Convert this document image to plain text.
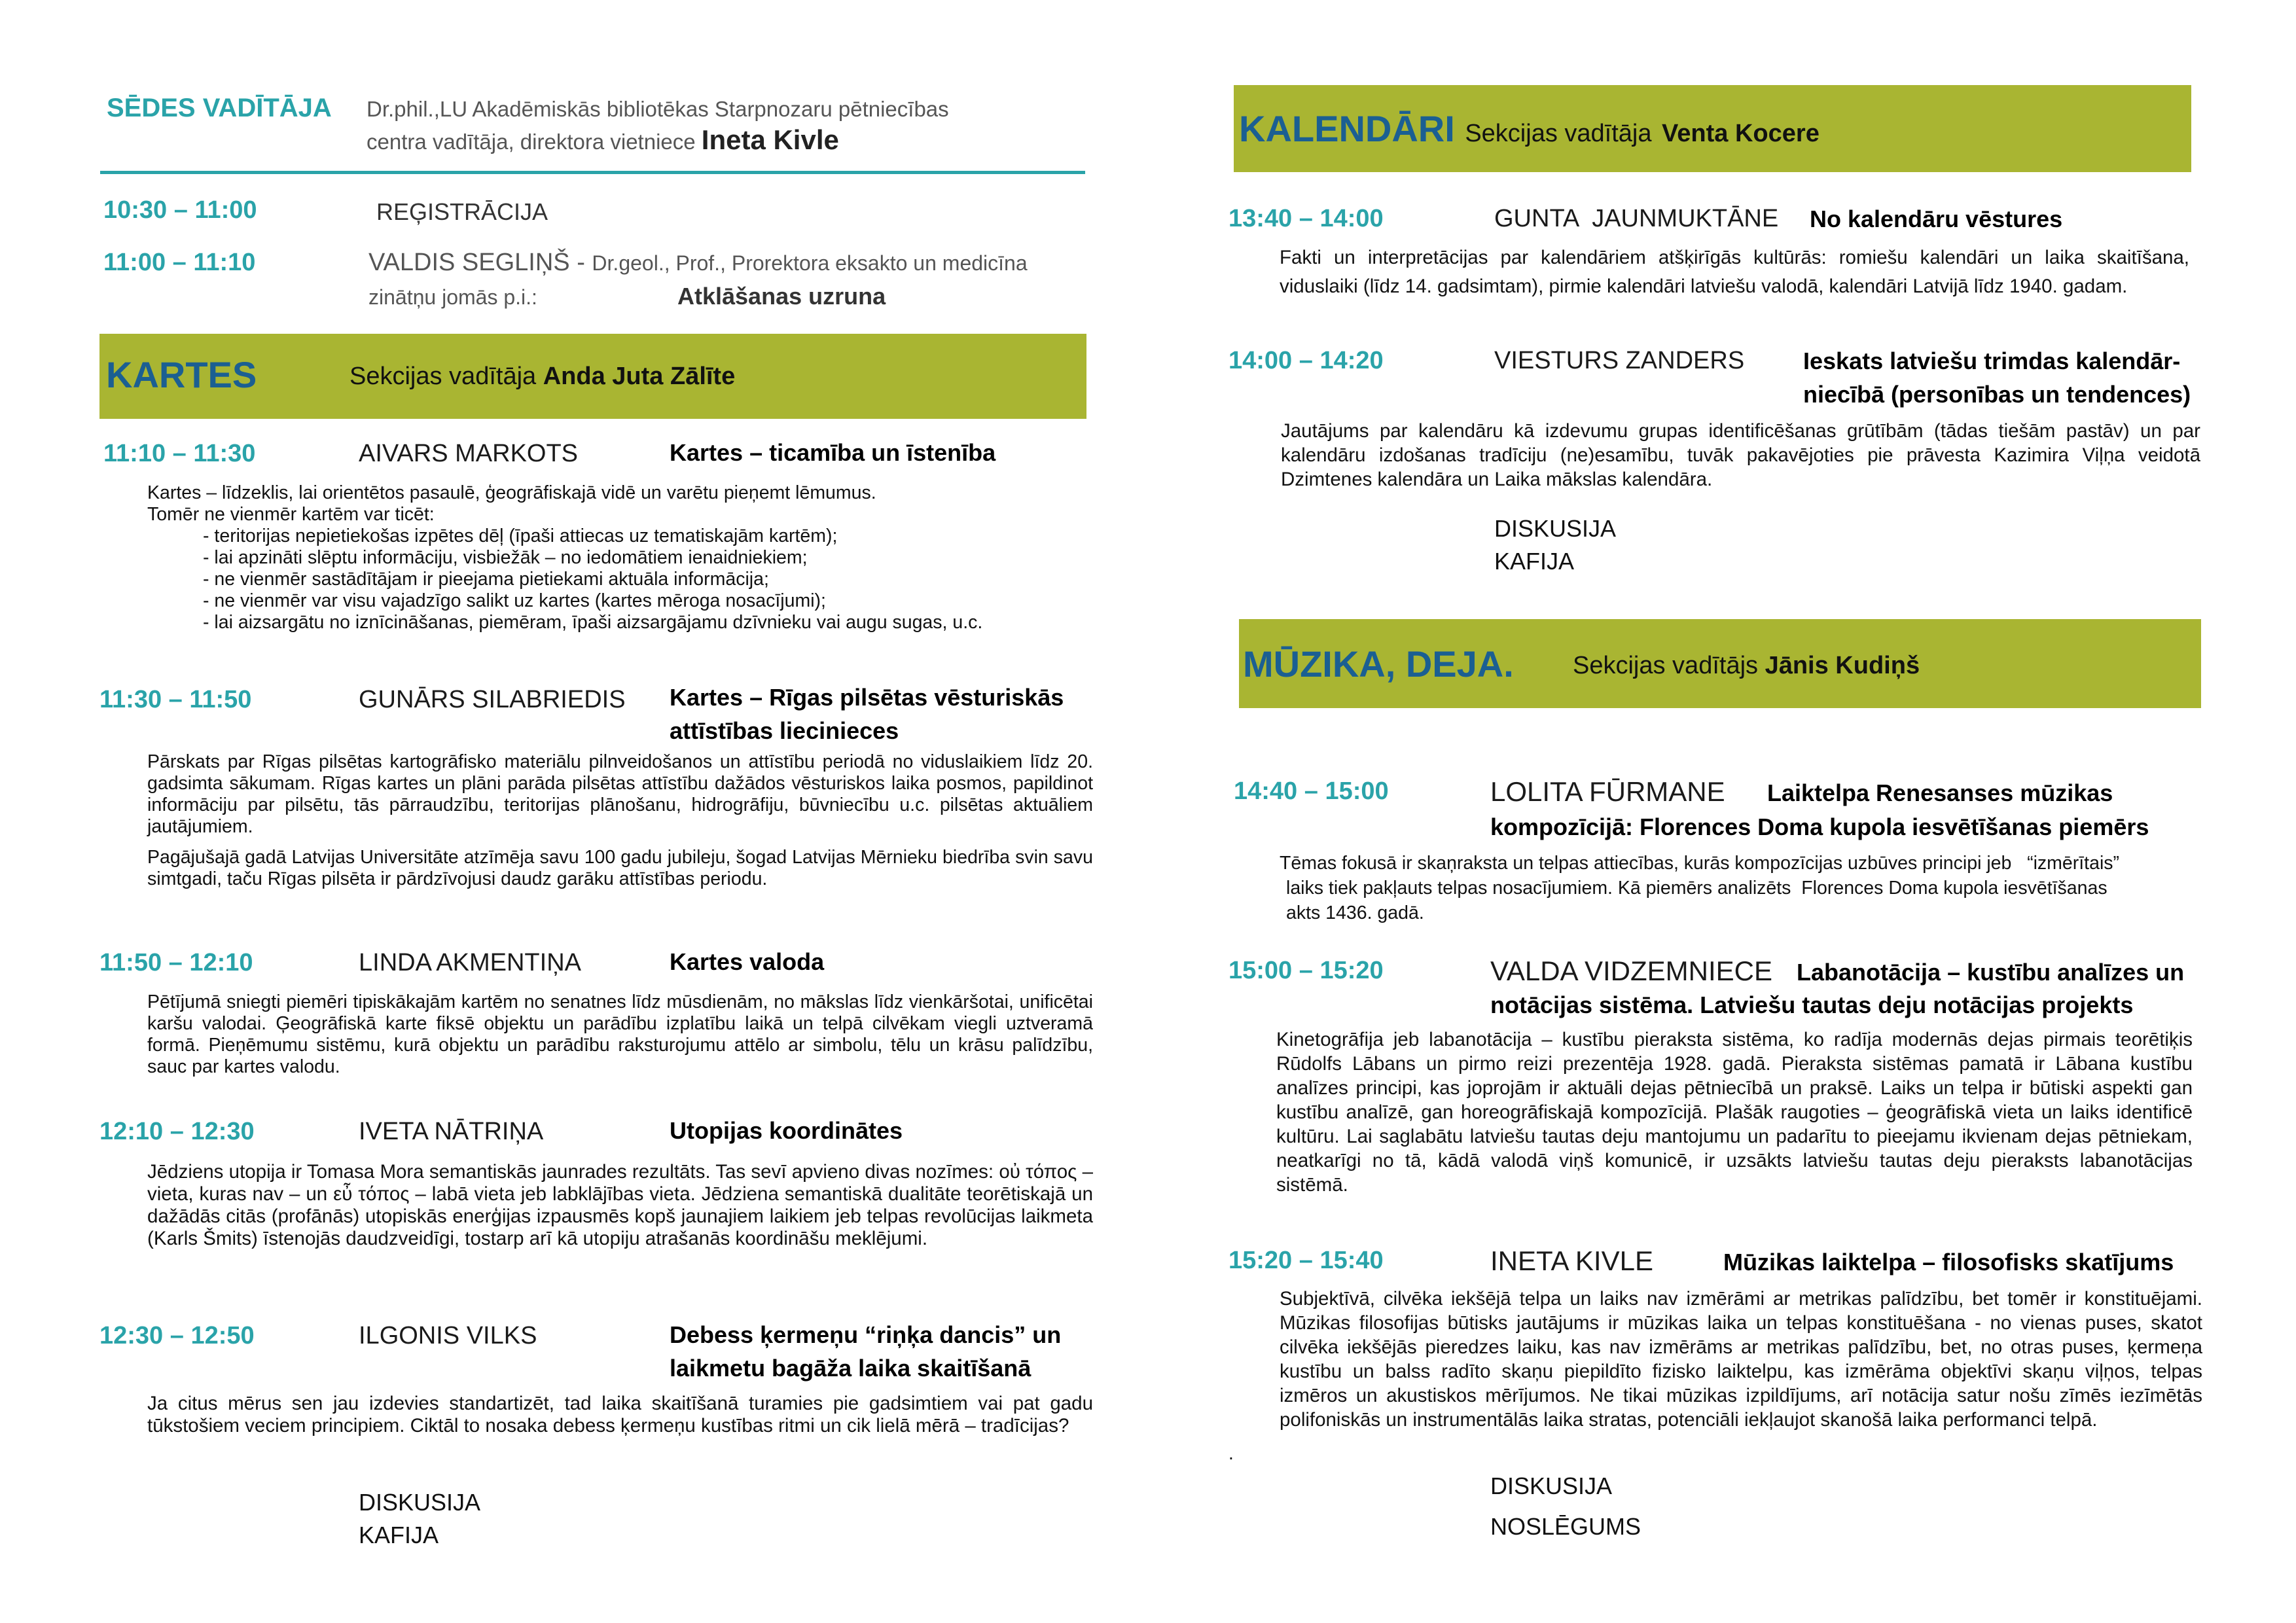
SĒDES VADĪTĀJA Dr.phil.,LU Akadēmiskās bibliotēkas Starpnozaru pētniecības
centra vadītāja, direktora vietniece Ineta Kivle
10:30 – 11:00	REĢISTRĀCIJA
11:00 – 11:10	VALDIS SEGLIŅŠ - Dr.geol., Prof., Prorektora eksakto un medicīna
zinātņu jomās p.i.:	Atklāšanas uzruna
KARTES	Sekcijas vadītāja Anda Juta Zālīte
11:10 – 11:30	AIVARS MARKOTS	Kartes – ticamība un īstenība
Kartes – līdzeklis, lai orientētos pasaulē, ģeogrāfiskajā vidē un varētu pieņemt lēmumus.
Tomēr ne vienmēr kartēm var ticēt:
- teritorijas nepietiekošas izpētes dēļ (īpaši attiecas uz tematiskajām kartēm);
- lai apzināti slēptu informāciju, visbiežāk – no iedomātiem ienaidniekiem;
- ne vienmēr sastādītājam ir pieejama pietiekami aktuāla informācija;
- ne vienmēr var visu vajadzīgo salikt uz kartes (kartes mēroga nosacījumi);
- lai aizsargātu no iznīcināšanas, piemēram, īpaši aizsargājamu dzīvnieku vai augu sugas, u.c.
11:30 – 11:50	GUNĀRS SILABRIEDIS Kartes – Rīgas pilsētas vēsturiskās
attīstības liecinieces

Pārskats par Rīgas pilsētas kartogrāfisko materiālu pilnveidošanos un attīstību periodā no viduslaikiem līdz 20. gadsimta sākumam. Rīgas kartes un plāni parāda pilsētas attīstību dažādos vēsturiskos laika posmos, papildinot informāciju par pilsētu, tās pārraudzību, teritorijas plānošanu, hidrogrāfiju, būvniecību u.c. pilsētas aktuāliem jautājumiem.

Pagājušajā gadā Latvijas Universitāte atzīmēja savu 100 gadu jubileju, šogad Latvijas Mērnieku biedrība svin savu simtgadi, taču Rīgas pilsēta ir pārdzīvojusi daudz garāku attīstības periodu.

11:50 – 12:10	LINDA AKMENTIŅA	Kartes valoda

Pētījumā sniegti piemēri tipiskākajām kartēm no senatnes līdz mūsdienām, no mākslas līdz vienkāršotai, unificētai karšu valodai. Ģeogrāfiskā karte fiksē objektu un parādību izplatību laikā un telpā cilvēkam viegli uztveramā formā. Pieņēmumu sistēmu, kurā objektu un parādību raksturojumu attēlo ar simbolu, tēlu un krāsu palīdzību, sauc par kartes valodu.

12:10 – 12:30	IVETA NĀTRIŅA	Utopijas koordinātes

Jēdziens utopija ir Tomasa Mora semantiskās jaunrades rezultāts. Tas sevī apvieno divas nozīmes: οὐ τόπος – vieta, kuras nav – un εὖ τόπος – labā vieta jeb labklājības vieta. Jēdziena semantiskā dualitāte teorētiskajā un dažādās citās (profānās) utopiskās enerģijas izpausmēs kopš jaunajiem laikiem jeb telpas revolūcijas laikmeta (Karls Šmits) īstenojās daudzveidīgi, tostarp arī kā utopiju atrašanās koordināšu meklējumi.

12:30 – 12:50	ILGONIS VILKS	Debess ķermeņu “riņķa dancis” un
laikmetu bagāža laika skaitīšanā

Ja citus mērus sen jau izdevies standartizēt, tad laika skaitīšanā turamies pie gadsimtiem vai pat gadu tūkstošiem veciem principiem. Ciktāl to nosaka debess ķermeņu kustības ritmi un cik lielā mērā – tradīcijas?

DISKUSIJA
KAFIJA
KALENDĀRI Sekcijas vadītāja Venta Kocere
13:40 – 14:00	GUNTA  JAUNMUKTĀNE No kalendāru vēstures

Fakti un interpretācijas par kalendāriem atšķirīgās kultūrās: romiešu kalendāri un laika skaitīšana, viduslaiki (līdz 14. gadsimtam), pirmie kalendāri latviešu valodā, kalendāri Latvijā līdz 1940. gadam.

14:00 – 14:20	VIESTURS ZANDERS Ieskats latviešu trimdas kalendār-
niecībā (personības un tendences)

Jautājums par kalendāru kā izdevumu grupas identificēšanas grūtībām (tādas tiešām pastāv) un par kalendāru izdošanas tradīciju (ne)esamību, tuvāk pakavējoties pie prāvesta Kazimira Viļņa veidotā Dzimtenes kalendāra un Laika mākslas kalendāra.

DISKUSIJA
KAFIJA
MŪZIKA, DEJA. Sekcijas vadītājs Jānis Kudiņš
14:40 – 15:00	LOLITA FŪRMANE Laiktelpa Renesanses mūzikas
kompozīcijā: Florences Doma kupola iesvētīšanas piemērs
Tēmas fokusā ir skaņraksta un telpas attiecības, kurās kompozīcijas uzbūves principi jeb   “izmērītais”
laiks tiek pakļauts telpas nosacījumiem. Kā piemērs analizēts  Florences Doma kupola iesvētīšanas
akts 1436. gadā.
15:00 – 15:20	VALDA VIDZEMNIECE Labanotācija – kustību analīzes un
notācijas sistēma. Latviešu tautas deju notācijas projekts

Kinetogrāfija jeb labanotācija – kustību pieraksta sistēma, ko radīja modernās dejas pirmais teorētiķis Rūdolfs Lābans un pirmo reizi prezentēja 1928. gadā. Pieraksta sistēmas pamatā ir Lābana kustību analīzes principi, kas joprojām ir aktuāli dejas pētniecībā un praksē. Laiks un telpa ir būtiski aspekti gan kustību analīzē, gan horeogrāfiskajā kompozīcijā. Plašāk raugoties – ģeogrāfiskā vieta un laiks identificē kultūru. Lai saglabātu latviešu tautas deju mantojumu un padarītu to pieejamu ikvienam dejas pētniekam, neatkarīgi no tā, kādā valodā viņš komunicē, ir uzsākts latviešu tautas deju pieraksts labanotācijas sistēmā.

15:20 – 15:40	INETA KIVLE	Mūzikas laiktelpa – filosofisks skatījums

Subjektīvā, cilvēka iekšējā telpa un laiks nav izmērāmi ar metrikas palīdzību, bet tomēr ir konstituējami. Mūzikas filosofijas būtisks jautājums ir mūzikas laika un telpas konstituēšana - no vienas puses, skatot cilvēka iekšējās pieredzes laiku, kas nav izmērāms ar metrikas palīdzību, bet, no otras puses, ķermeņa kustību un balss radīto skaņu piepildīto fizisko laiktelpu, kas izmērāma objektīvi skaņu viļņos, telpas izmēros un akustiskos mērījumos. Ne tikai mūzikas izpildījums, arī notācija satur nošu zīmēs iezīmētās polifoniskās un instrumentālās laika stratas, potenciāli iekļaujot skanošā laika performanci telpā.

.
DISKUSIJA
NOSLĒGUMS
